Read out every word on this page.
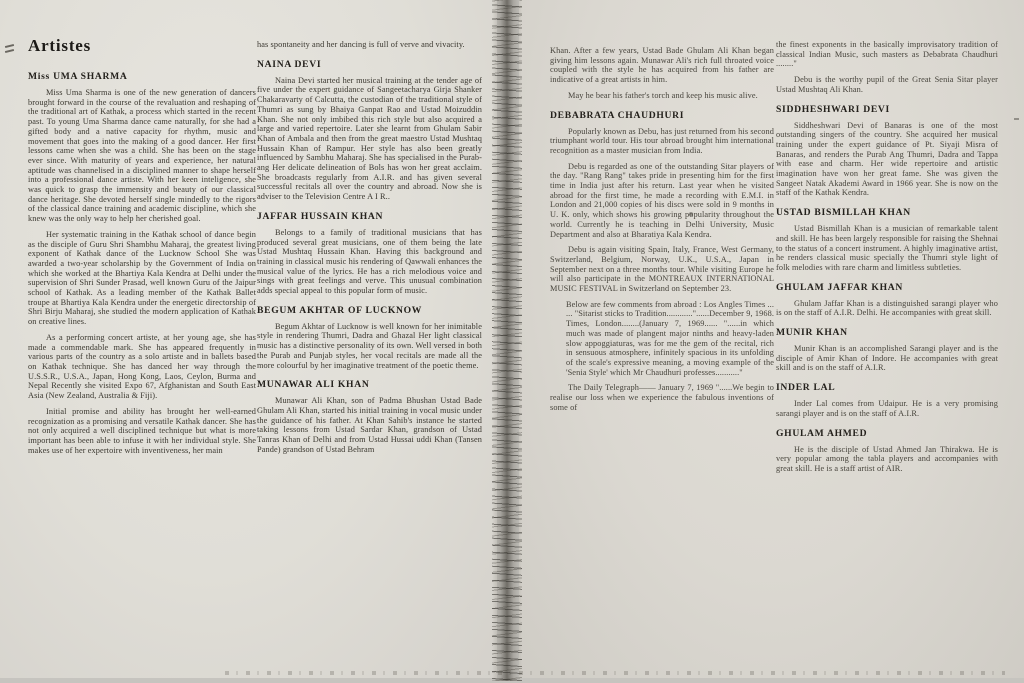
Artistes
Miss UMA SHARMA

Miss Uma Sharma is one of the new generation of dancers brought forward in the course of the revaluation and reshaping of the traditional art of Kathak, a process which started in the recent past. To young Uma Sharma dance came naturally, for she had a gifted body and a native capacity for rhythm, music and movement that goes into the making of a good dancer. Her first lessons came when she was a child. She has been on the stage ever since. With maturity of years and experience, her natural aptitude was channelised in a disciplined manner to shape herself into a professional dance artiste. With her keen inteligence, she was quick to grasp the immensity and beauty of our classical dance heritage. She devoted herself single mindedly to the rigors of the classical dance training and academic discipline, which she knew was the only way to help her cherished goal.

Her systematic training in the Kathak school of dance begin as the disciple of Guru Shri Shambhu Maharaj, the greatest living exponent of Kathak dance of the Lucknow School She was awarded a two-year scholarship by the Government of India on which she worked at the Bhartiya Kala Kendra at Delhi under the supervision of Shri Sunder Prasad, well known Guru of the Jaipur school of Kathak. As a leading member of the Kathak Ballet troupe at Bhartiya Kala Kendra under the energetic directorship of Shri Birju Maharaj, she studied the modern application of Kathak on creative lines.

As a performing concert artiste, at her young age, she has made a commendable mark. She has appeared frequently in various parts of the country as a solo artiste and in ballets based on Kathak technique. She has danced her way through the U.S.S.R., U.S.A., Japan, Hong Kong, Laos, Ceylon, Burma and Nepal Recently she visited Expo 67, Afghanistan and South East Asia (New Zealand, Australia & Fiji).

Initial promise and ability has brought her well-earned recognization as a promising and versatile Kathak dancer. She has not only acquired a well disciplined technique but what is more important has been able to infuse it with her individual style. She makes use of her expertoire with inventiveness, her main

has spontaneity and her dancing is full of verve and vivacity.

NAINA DEVI

Naina Devi started her musical training at the tender age of five under the expert guidance of Sangeetacharya Girja Shanker Chakaravarty of Calcutta, the custodian of the traditional style of Thumri as sung by Bhaiya Ganpat Rao and Ustad Moizuddin Khan. She not only imbibed this rich style but also acquired a large and varied repertoire. Later she learnt from Ghulam Sabir Khan of Ambala and then from the great maestro Ustad Mushtaq Hussain Khan of Rampur. Her style has also been greatly influenced by Sambhu Maharaj. She has specialised in the Purab-ang Her delicate delineation of Bols has won her great acclaim. She broadcasts regularly from A.I.R. and has given several successful recitals all over the country and abroad. Now she is adviser to the Television Centre A I R..

JAFFAR HUSSAIN KHAN

Belongs to a family of traditional musicians that has produced several great musicians, one of them being the late Ustad Mushtaq Hussain Khan. Having this background and training in classical music his rendering of Qawwali enhances the musical value of the lyrics. He has a rich melodious voice and sings with great feelings and verve. This unusual combination adds special appeal to this popular form of music.

BEGUM AKHTAR OF LUCKNOW

Begum Akhtar of Lucknow is well known for her inimitable style in rendering Thumri, Dadra and Ghazal Her light classical music has a distinctive personality of its own. Well versed in both the Purab and Punjab styles, her vocal recitals are made all the more colourful by her imaginative treatment of the poetic theme.

MUNAWAR ALI KHAN

Munawar Ali Khan, son of Padma Bhushan Ustad Bade Ghulam Ali Khan, started his initial training in vocal music under the guidance of his father. At Khan Sahib's instance he started taking lessons from Ustad Sardar Khan, grandson of Ustad Tanras Khan of Delhi and from Ustad Hussai uddi Khan (Tansen Pande) grandson of Ustad Behram

Khan. After a few years, Ustad Bade Ghulam Ali Khan began giving him lessons again. Munawar Ali's rich full throated voice coupled with the style he has acquired from his father are indicative of a great artists in him.

May he bear his father's torch and keep his music alive.

DEBABRATA CHAUDHURI

Popularly known as Debu, has just returned from his second triumphant world tour. His tour abroad brought him international recognition as a master musician from India.

Debu is regarded as one of the outstanding Sitar players of the day. "Rang Rang" takes pride in presenting him for the first time in India just after his return. Last year when he visited abroad for the first time, he made a recording with E.M.I. in London and 21,000 copies of his discs were sold in 9 months in U. K. only, which shows his growing popularity throughout the world. Currently he is teaching in Delhi University, Music Department and also at Bharatiya Kala Kendra.

Debu is again visiting Spain, Italy, France, West Germany, Switzerland, Belgium, Norway, U.K., U.S.A., Japan in September next on a three months tour. While visiting Europe he will also participate in the MONTREAUX INTERNATIONAL MUSIC FESTIVAL in Switzerland on September 23.

Below are few comments from abroad : Los Angles Times ... ... "Sitarist sticks to Tradition............"......December 9, 1968. Times, London........(January 7, 1969...... "......in which much was made of plangent major ninths and heavy-laden slow appoggiaturas, was for me the gem of the recital, rich in sensuous atmosphere, infinitely spacious in its unfolding of the scale's expressive meaning, a moving example of the 'Senia Style' which Mr Chaudhuri professes..........."

The Daily Telegraph—— January 7, 1969 "......We begin to realise our loss when we experience the fabulous inventions of some of

the finest exponents in the basically improvisatory tradition of classical Indian Music, such masters as Debabrata Chaudhuri ........"

Debu is the worthy pupil of the Great Senia Sitar player Ustad Mushtaq Ali Khan.

SIDDHESHWARI DEVI

Siddheshwari Devi of Banaras is one of the most outstanding singers of the country. She acquired her musical training under the expert guidance of Pt. Siyaji Misra of Banaras, and renders the Purab Ang Thumri, Dadra and Tappa with ease and charm. Her wide repertoire and artistic imagination have won her great fame. She was given the Sangeet Natak Akademi Award in 1966 year. She is now on the staff of the Kathak Kendra.

USTAD BISMILLAH KHAN

Ustad Bismillah Khan is a musician of remarkable talent and skill. He has been largely responsible for raising the Shehnai to the status of a concert instrument. A highly imaginative artist, he renders classical music specially the Thumri style light of folk melodies with rare charm and limitless subtleties.

GHULAM JAFFAR KHAN

Ghulam Jaffar Khan is a distinguished sarangi player who is on the staff of A.I.R. Delhi. He accompanies with great skill.

MUNIR KHAN

Munir Khan is an accomplished Sarangi player and is the disciple of Amir Khan of Indore. He accompanies with great skill and is on the staff of A.I.R.

INDER LAL

Inder Lal comes from Udaipur. He is a very promising sarangi player and is on the staff of A.I.R.

GHULAM AHMED

He is the disciple of Ustad Ahmed Jan Thirakwa. He is very popular among the tabla players and accompanies with great skill. He is a staff artist of AIR.
